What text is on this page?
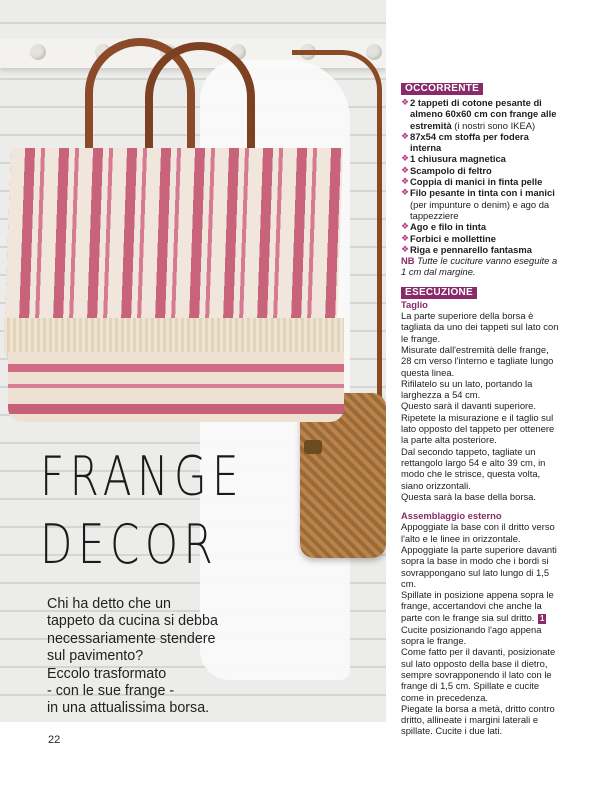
FRANGE
DECOR
Chi ha detto che un
tappeto da cucina si debba
necessariamente stendere
sul pavimento?
Eccolo trasformato
- con le sue frange -
in una attualissima borsa.
22
OCCORRENTE
❖ 2 tappeti di cotone pesante di almeno 60x60 cm con frange alle estremità (i nostri sono IKEA)
❖ 87x54 cm stoffa per fodera interna
❖ 1 chiusura magnetica
❖ Scampolo di feltro
❖ Coppia di manici in finta pelle
❖ Filo pesante in tinta con i manici (per impunture o denim) e ago da tappezziere
❖ Ago e filo in tinta
❖ Forbici e mollettine
❖ Riga e pennarello fantasma

NB Tutte le cuciture vanno eseguite a 1 cm dal margine.

ESECUZIONE
Taglio

La parte superiore della borsa è tagliata da uno dei tappeti sul lato con le frange.

Misurate dall'estremità delle frange, 28 cm verso l'interno e tagliate lungo questa linea.

Rifilatelo su un lato, portando la larghezza a 54 cm.

Questo sarà il davanti superiore.

Ripetete la misurazione e il taglio sul lato opposto del tappeto per ottenere la parte alta posteriore.

Dal secondo tappeto, tagliate un rettangolo largo 54 e alto 39 cm, in modo che le strisce, questa volta, siano orizzontali.

Questa sarà la base della borsa.

Assemblaggio esterno

Appoggiate la base con il dritto verso l'alto e le linee in orizzontale.

Appoggiate la parte superiore davanti sopra la base in modo che i bordi si sovrappongano sul lato lungo di 1,5 cm.

Spillate in posizione appena sopra le frange, accertandovi che anche la parte con le frange sia sul dritto. 1

Cucite posizionando l'ago appena sopra le frange.

Come fatto per il davanti, posizionate sul lato opposto della base il dietro, sempre sovrapponendo il lato con le frange di 1,5 cm. Spillate e cucite come in precedenza.

Piegate la borsa a metà, dritto contro dritto, allineate i margini laterali e spillate. Cucite i due lati.
